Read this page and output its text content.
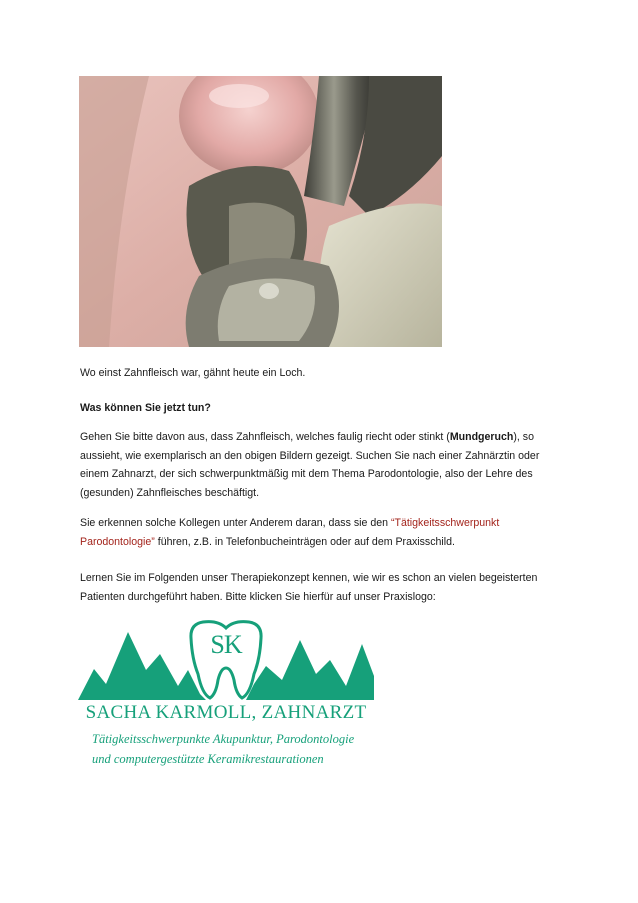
Wo einst Zahnfleisch war, gähnt heute ein Loch.
Was können Sie jetzt tun?
Gehen Sie bitte davon aus, dass Zahnfleisch, welches faulig riecht oder stinkt (Mundgeruch), so aussieht, wie exemplarisch an den obigen Bildern gezeigt. Suchen Sie nach einer Zahnärztin oder einem Zahnarzt, der sich schwerpunktmäßig mit dem Thema Parodontologie, also der Lehre des (gesunden) Zahnfleisches beschäftigt.
Sie erkennen solche Kollegen unter Anderem daran, dass sie den “Tätigkeitsschwerpunkt Parodontologie” führen, z.B. in Telefonbucheinträgen oder auf dem Praxisschild.
Lernen Sie im Folgenden unser Therapiekonzept kennen, wie wir es schon an vielen begeisterten Patienten durchgeführt haben. Bitte klicken Sie hierfür auf unser Praxislogo:
SK
SACHA KARMOLL, ZAHNARZT
Tätigkeitsschwerpunkte Akupunktur, Parodontologie
und computergestützte Keramikrestaurationen
